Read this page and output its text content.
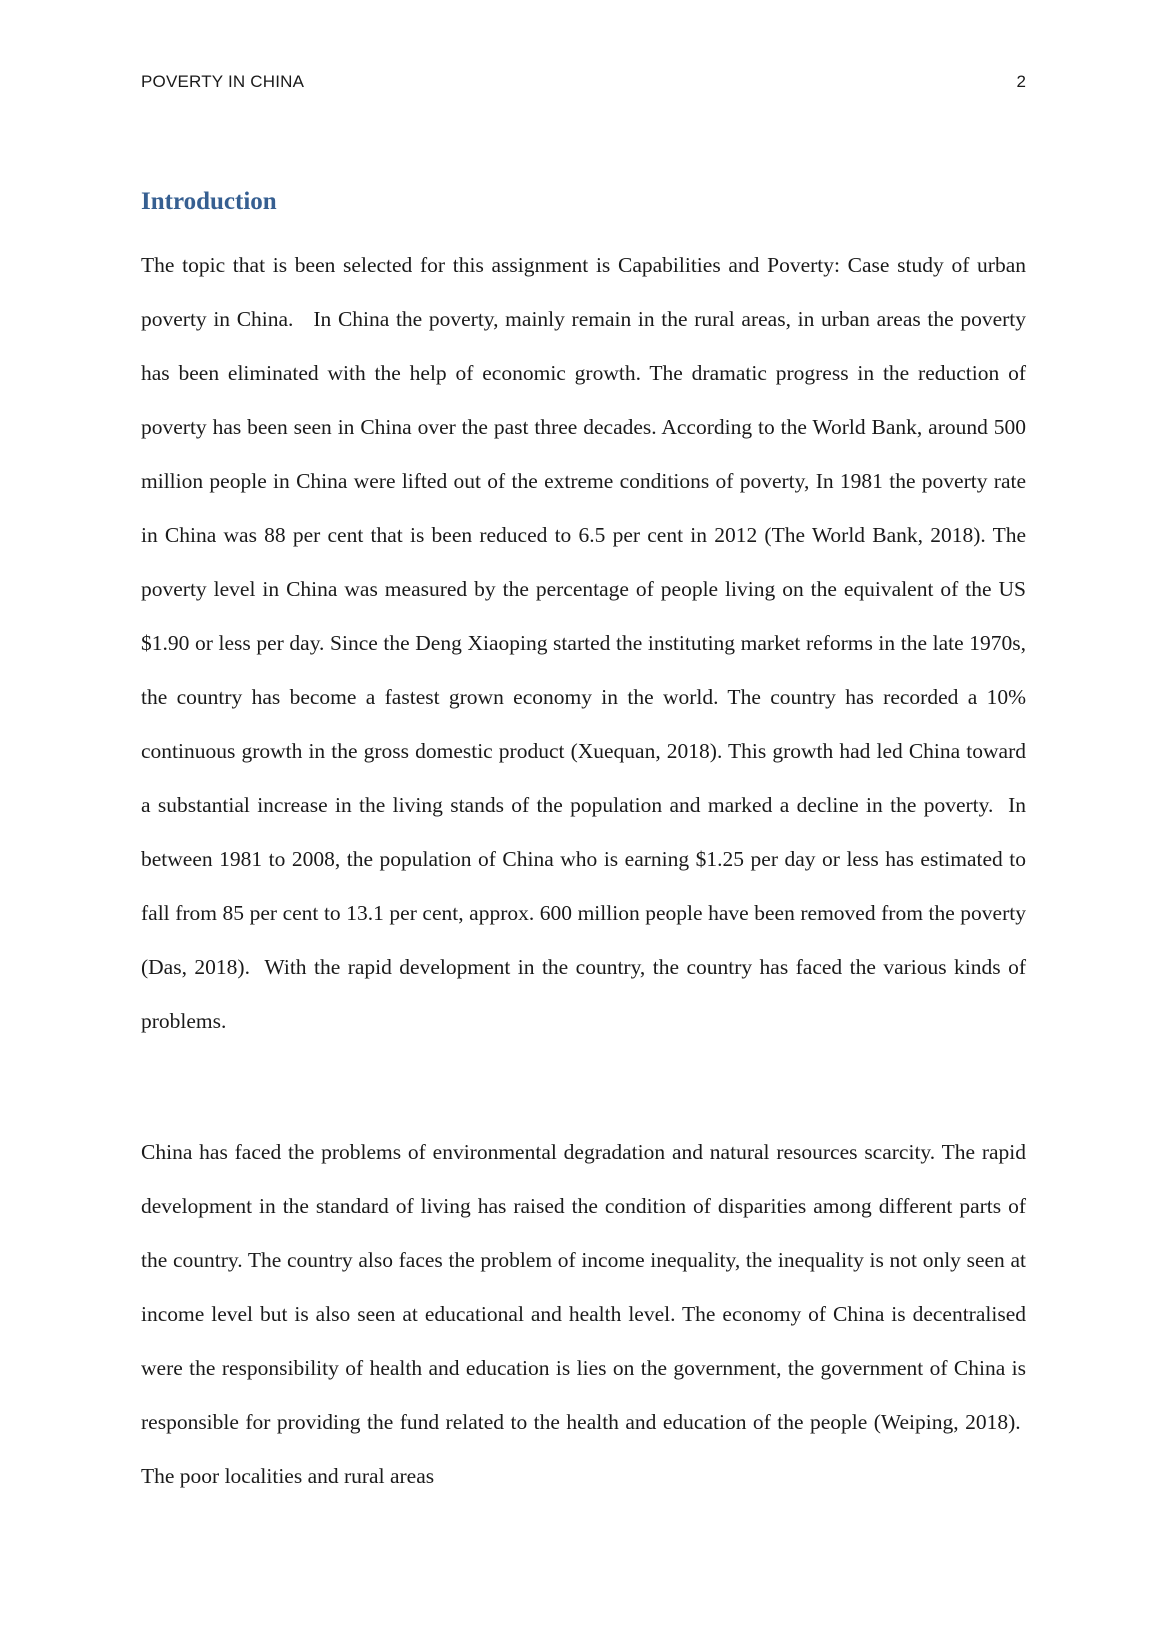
POVERTY IN CHINA	2
Introduction

The topic that is been selected for this assignment is Capabilities and Poverty: Case study of urban poverty in China.   In China the poverty, mainly remain in the rural areas, in urban areas the poverty has been eliminated with the help of economic growth. The dramatic progress in the reduction of poverty has been seen in China over the past three decades. According to the World Bank, around 500 million people in China were lifted out of the extreme conditions of poverty, In 1981 the poverty rate in China was 88 per cent that is been reduced to 6.5 per cent in 2012 (The World Bank, 2018). The poverty level in China was measured by the percentage of people living on the equivalent of the US $1.90 or less per day. Since the Deng Xiaoping started the instituting market reforms in the late 1970s, the country has become a fastest grown economy in the world. The country has recorded a 10% continuous growth in the gross domestic product (Xuequan, 2018). This growth had led China toward a substantial increase in the living stands of the population and marked a decline in the poverty.  In between 1981 to 2008, the population of China who is earning $1.25 per day or less has estimated to fall from 85 per cent to 13.1 per cent, approx. 600 million people have been removed from the poverty (Das, 2018).  With the rapid development in the country, the country has faced the various kinds of problems.

China has faced the problems of environmental degradation and natural resources scarcity. The rapid development in the standard of living has raised the condition of disparities among different parts of the country. The country also faces the problem of income inequality, the inequality is not only seen at income level but is also seen at educational and health level. The economy of China is decentralised were the responsibility of health and education is lies on the government, the government of China is responsible for providing the fund related to the health and education of the people (Weiping, 2018).  The poor localities and rural areas
